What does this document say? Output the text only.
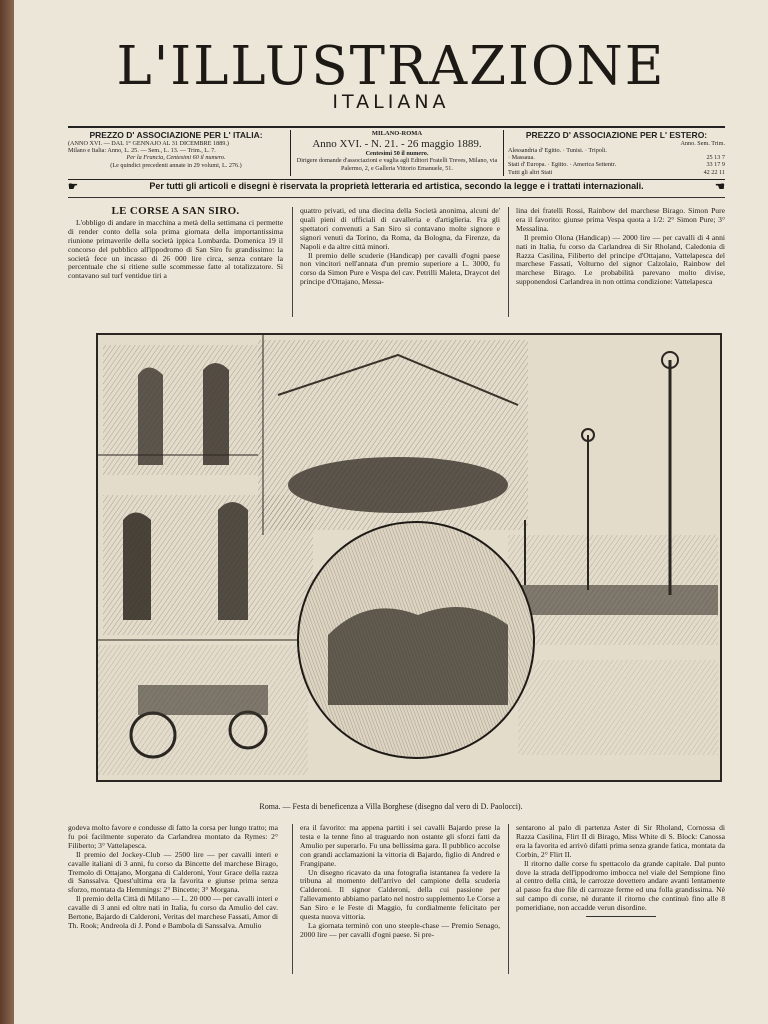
L'ILLUSTRAZIONE
ITALIANA
PREZZO D' ASSOCIAZIONE PER L' ITALIA:
(ANNO XVI. — DAL 1° GENNAJO AL 31 DICEMBRE 1889.)
Milano e Italia: Anno, L. 25. — Sem., L. 13. — Trim., L. 7.
Per la Francia, Centesimi 60 il numero.
(Le quindici precedenti annate in 29 volumi, L. 276.)
MILANO-ROMA
Anno XVI. - N. 21. - 26 maggio 1889.
Centesimi 50 il numero.
Dirigere domande d'associazioni e vaglia agli Editori Fratelli Treves, Milano, via Palermo, 2, e Galleria Vittorio Emanuele, 51.
PREZZO D' ASSOCIAZIONE PER L' ESTERO:
Anno. Sem. Trim.
Alessandria d' Egitto. · Tunisi. · Tripoli.
· Massaua.	25 13 7
Stati d' Europa. · Egitto. · America Settentr.	33 17 9
Tutti gli altri Stati	42 22 11
☛	Per tutti gli articoli e disegni è riservata la proprietà letteraria ed artistica, secondo la legge e i trattati internazionali.	☛
LE CORSE A SAN SIRO.

L'obbligo di andare in macchina a metà della settimana ci permette di render conto della sola prima giornata della importantissima riunione primaverile della società ippica Lombarda. Domenica 19 il concorso del pubblico all'ippodromo di San Siro fu grandissimo: la società fece un incasso di 26 000 lire circa, senza contare la percentuale che si ritiene sulle scommesse fatte al totalizzatore. Si contavano sul turf ventidue tiri a

quattro privati, ed una diecina della Società anonima, alcuni de' quali pieni di ufficiali di cavalleria e d'artiglieria. Fra gli spettatori convenuti a San Siro si contavano molte signore e signori venuti da Torino, da Roma, da Bologna, da Firenze, da Napoli e da altre città minori.

Il premio delle scuderie (Handicap) per cavalli d'ogni paese non vincitori nell'annata d'un premio superiore a L. 3000, fu corso da Simon Pure e Vespa del cav. Petrilli Maleta, Draycot del principe d'Ottajano, Messa-

lina dei fratelli Rossi, Rainbow del marchese Birago. Simon Pure era il favorito: giunse prima Vespa quota a 1/2: 2° Simon Pure; 3° Messalina.

Il premio Olona (Handicap) — 2000 lire — per cavalli di 4 anni nati in Italia, fu corso da Carlandrea di Sir Rholand, Caledonia di Razza Casilina, Filiberto del principe d'Ottajano, Vattelapesca del marchese Fassati, Volturno del signor Calzolaio, Rainbow del marchese Birago. Le probabilità parevano molto divise, supponendosi Carlandrea in non ottima condizione: Vattelapesca

Roma. — Festa di beneficenza a Villa Borghese (disegno dal vero di D. Paolocci).

godeva molto favore e condusse di fatto la corsa per lungo tratto; ma fu poi facilmente superato da Carlandrea montato da Rymes: 2° Filiberto; 3° Vattelapesca.

Il premio del Jockey-Club — 2500 lire — per cavalli interi e cavalle italiani di 3 anni, fu corso da Bincette del marchese Birago, Tremolo di Ottajano, Morgana di Calderoni, Your Grace della razza di Sanssalva. Quest'ultima era la favorita e giunse prima senza sforzo, montata da Hemmings: 2° Bincette; 3° Morgana.

Il premio della Città di Milano — L. 20 000 — per cavalli interi e cavalle di 3 anni ed oltre nati in Italia, fu corso da Amulio del cav. Bertone, Bajardo di Calderoni, Veritas del marchese Fassati, Amor di Th. Rook; Andreola di J. Pond e Bambola di Sanssalva. Amulio

era il favorito: ma appena partiti i sei cavalli Bajardo prese la testa e la tenne fino al traguardo non ostante gli sforzi fatti da Amulio per superarlo. Fu una bellissima gara. Il pubblico accolse con grandi acclamazioni la vittoria di Bajardo, figlio di Andred e Frangipane.

Un disegno ricavato da una fotografia istantanea fa vedere la tribuna al momento dell'arrivo del campione della scuderia Calderoni. Il signor Calderoni, della cui passione per l'allevamento abbiamo parlato nel nostro supplemento Le Corse a San Siro e le Feste di Maggio, fu cordialmente felicitato per questa nuova vittoria.

La giornata terminò con uno steeple-chase — Premio Senago, 2000 lire — per cavalli d'ogni paese. Si pre-

sentarono al palo di partenza Aster di Sir Rholand, Cornossa di Razza Casilina, Flirt II di Birago, Miss White di S. Block: Canossa era la favorita ed arrivò difatti prima senza grande fatica, montata da Corbin, 2° Flirt II.

Il ritorno dalle corse fu spettacolo da grande capitale. Dal punto dove la strada dell'ippodromo imbocca nel viale del Sempione fino al centro della città, le carrozze dovettero andare avanti lentamente al passo fra due file di carrozze ferme ed una folla grandissima. Nè sul campo di corse, nè durante il ritorno che continuò fino alle 8 pomeridiane, non accadde verun disordine.
